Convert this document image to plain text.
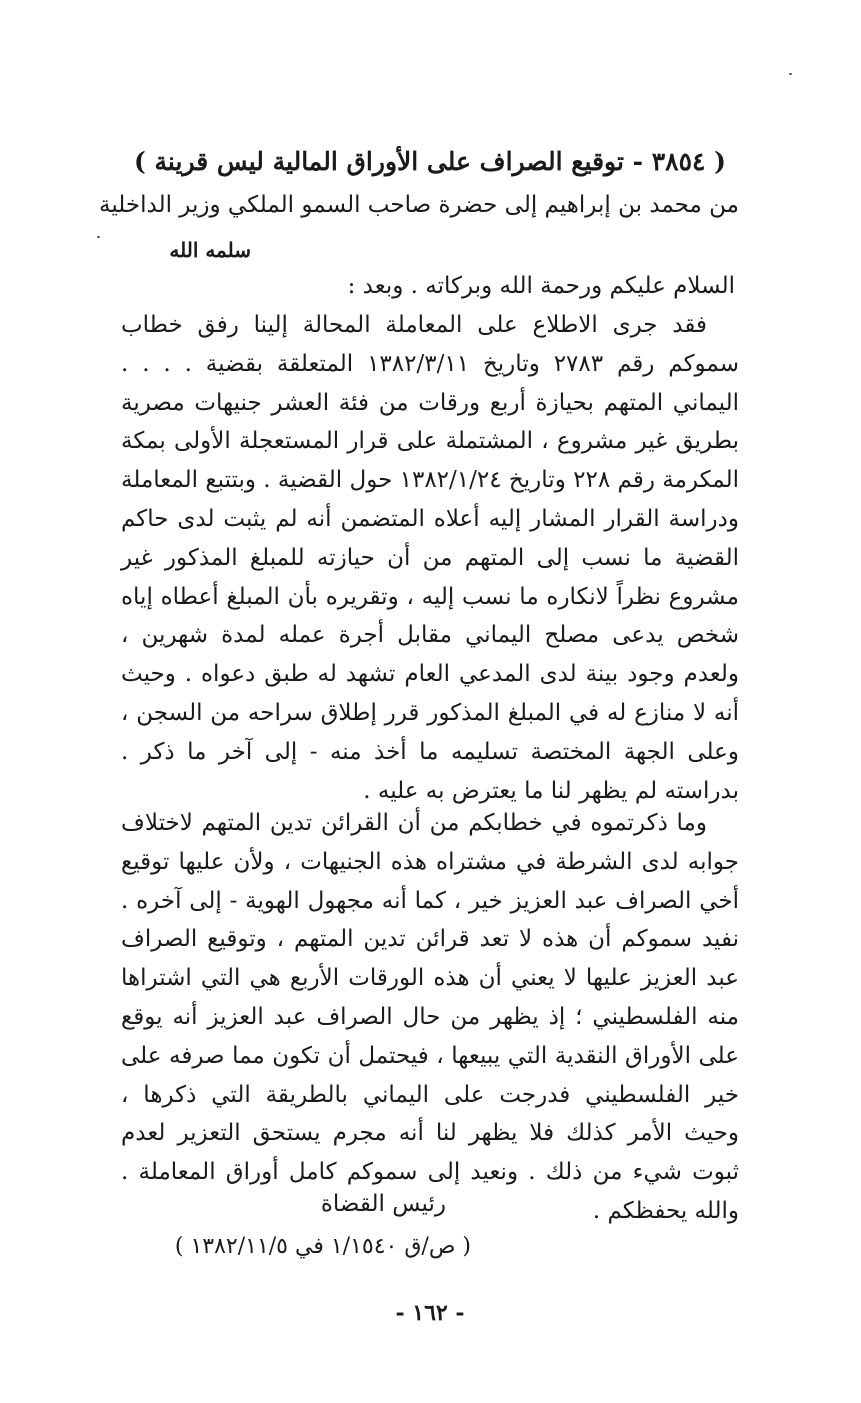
( ٣٨٥٤ - توقيع الصراف على الأوراق المالية ليس قرينة )
من محمد بن إبراهيم إلى حضرة صاحب السمو الملكي وزير الداخلية
سلمه الله
السلام عليكم ورحمة الله وبركاته . وبعد :
فقد جرى الاطلاع على المعاملة المحالة إلينا رفق خطاب سموكم رقم ٢٧٨٣ وتاريخ ١٣٨٢/٣/١١ المتعلقة بقضية . . . . اليماني المتهم بحيازة أربع ورقات من فئة العشر جنيهات مصرية بطريق غير مشروع ، المشتملة على قرار المستعجلة الأولى بمكة المكرمة رقم ٢٢٨ وتاريخ ١٣٨٢/١/٢٤ حول القضية . وبتتبع المعاملة ودراسة القرار المشار إليه أعلاه المتضمن أنه لم يثبت لدى حاكم القضية ما نسب إلى المتهم من أن حيازته للمبلغ المذكور غير مشروع نظراً لانكاره ما نسب إليه ، وتقريره بأن المبلغ أعطاه إياه شخص يدعى مصلح اليماني مقابل أجرة عمله لمدة شهرين ، ولعدم وجود بينة لدى المدعي العام تشهد له طبق دعواه . وحيث أنه لا منازع له في المبلغ المذكور قرر إطلاق سراحه من السجن ، وعلى الجهة المختصة تسليمه ما أخذ منه - إلى آخر ما ذكر . بدراسته لم يظهر لنا ما يعترض به عليه .
وما ذكرتموه في خطابكم من أن القرائن تدين المتهم لاختلاف جوابه لدى الشرطة في مشتراه هذه الجنيهات ، ولأن عليها توقيع أخي الصراف عبد العزيز خير ، كما أنه مجهول الهوية - إلى آخره . نفيد سموكم أن هذه لا تعد قرائن تدين المتهم ، وتوقيع الصراف عبد العزيز عليها لا يعني أن هذه الورقات الأربع هي التي اشتراها منه الفلسطيني ؛ إذ يظهر من حال الصراف عبد العزيز أنه يوقع على الأوراق النقدية التي يبيعها ، فيحتمل أن تكون مما صرفه على خير الفلسطيني فدرجت على اليماني بالطريقة التي ذكرها ، وحيث الأمر كذلك فلا يظهر لنا أنه مجرم يستحق التعزير لعدم ثبوت شيء من ذلك . ونعيد إلى سموكم كامل أوراق المعاملة . والله يحفظكم .
رئيس القضاة
( ص/ق ١/١٥٤٠ في ١٣٨٢/١١/٥ )
- ١٦٢ -
